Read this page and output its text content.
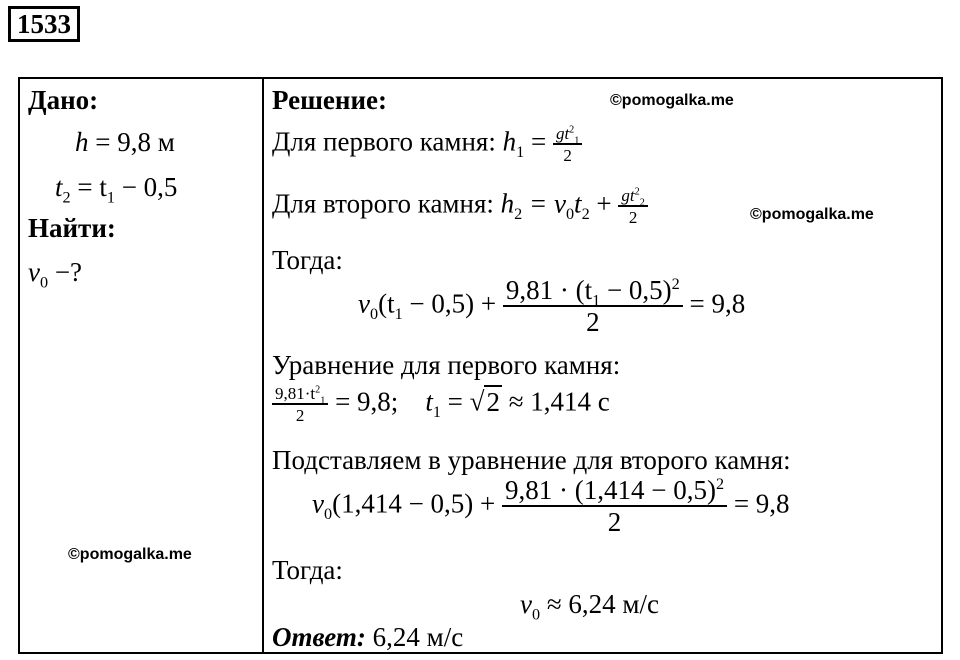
1533
Дано:
h = 9,8 м
$t_2 = t_1 - 0,5$
Найти:
$v_0$ −?
©pomogalka.me
Решение:	©pomogalka.me
Для первого камня: $h_1 = \frac{gt^2_1}{2}$
Для второго камня: $h_2 = v_0t_2 + \frac{gt^2_2}{2}$	©pomogalka.me
Тогда:
$v_0(t_1 - 0,5) + \frac{9,81 \cdot (t_1 - 0,5)^2}{2} = 9,8$
Уравнение для первого камня:
$\frac{9,81\cdot t^2_1}{2} = 9,8$; $t_1 = √2 \approx 1,414$ с
Подставляем в уравнение для второго камня:
$v_0(1,414 - 0,5) + \frac{9,81 \cdot (1,414 - 0,5)^2}{2} = 9,8$
Тогда:
$v_0 \approx 6,24$ м/с
Ответ: 6,24 м/с
